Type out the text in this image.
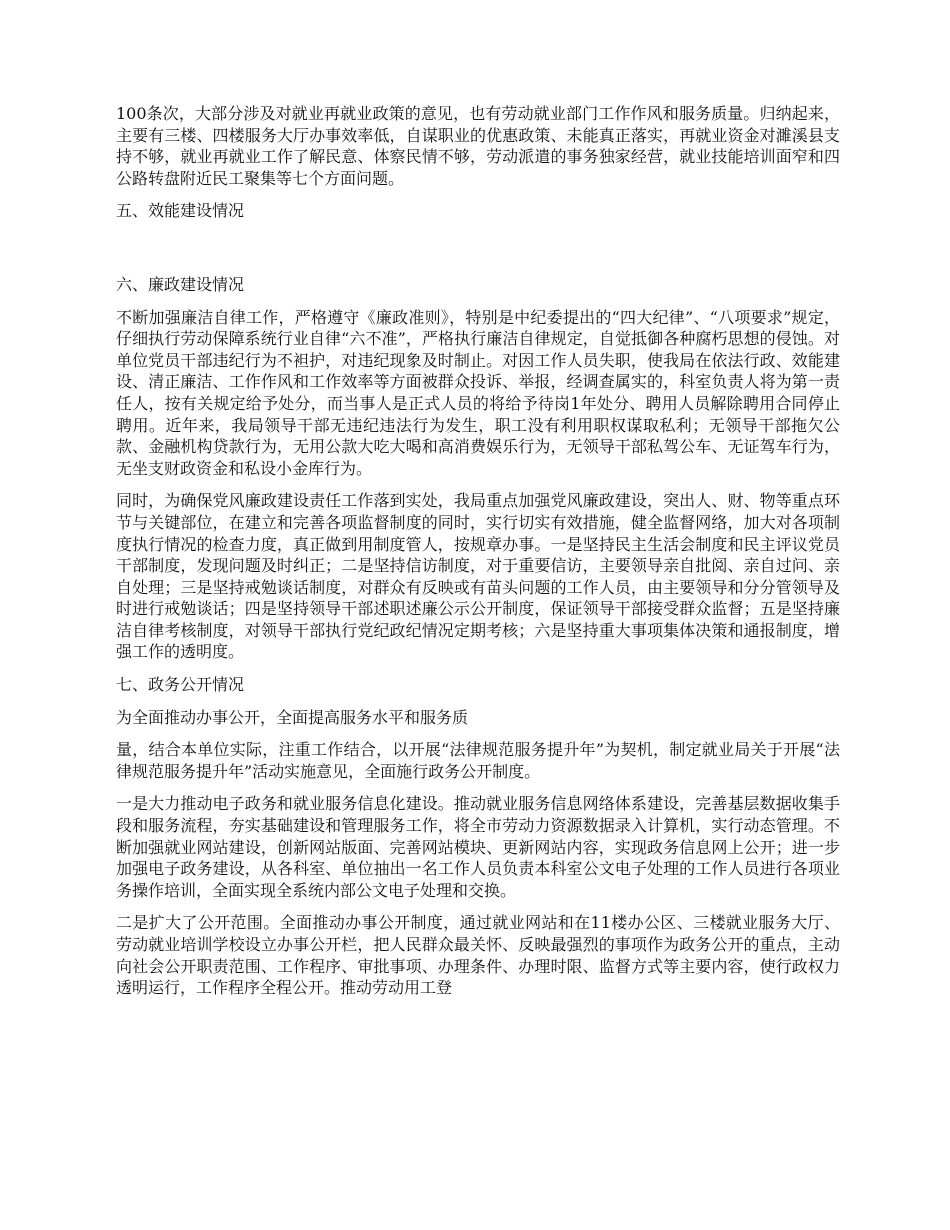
100条次，大部分涉及对就业再就业政策的意见，也有劳动就业部门工作作风和服务质量。归纳起来，主要有三楼、四楼服务大厅办事效率低，自谋职业的优惠政策、未能真正落实，再就业资金对濉溪县支持不够，就业再就业工作了解民意、体察民情不够，劳动派遣的事务独家经营，就业技能培训面窄和四公路转盘附近民工聚集等七个方面问题。

五、效能建设情况

六、廉政建设情况

不断加强廉洁自律工作，严格遵守《廉政准则》，特别是中纪委提出的“四大纪律”、“八项要求”规定，仔细执行劳动保障系统行业自律“六不准”，严格执行廉洁自律规定，自觉抵御各种腐朽思想的侵蚀。对单位党员干部违纪行为不袒护，对违纪现象及时制止。对因工作人员失职，使我局在依法行政、效能建设、清正廉洁、工作作风和工作效率等方面被群众投诉、举报，经调查属实的，科室负责人将为第一责任人，按有关规定给予处分，而当事人是正式人员的将给予待岗1年处分、聘用人员解除聘用合同停止聘用。近年来，我局领导干部无违纪违法行为发生，职工没有利用职权谋取私利；无领导干部拖欠公款、金融机构贷款行为，无用公款大吃大喝和高消费娱乐行为，无领导干部私驾公车、无证驾车行为，无坐支财政资金和私设小金库行为。

同时，为确保党风廉政建设责任工作落到实处，我局重点加强党风廉政建设，突出人、财、物等重点环节与关键部位，在建立和完善各项监督制度的同时，实行切实有效措施，健全监督网络，加大对各项制度执行情况的检查力度，真正做到用制度管人，按规章办事。一是坚持民主生活会制度和民主评议党员干部制度，发现问题及时纠正；二是坚持信访制度，对于重要信访，主要领导亲自批阅、亲自过问、亲自处理；三是坚持戒勉谈话制度，对群众有反映或有苗头问题的工作人员，由主要领导和分分管领导及时进行戒勉谈话；四是坚持领导干部述职述廉公示公开制度，保证领导干部接受群众监督；五是坚持廉洁自律考核制度，对领导干部执行党纪政纪情况定期考核；六是坚持重大事项集体决策和通报制度，增强工作的透明度。

七、政务公开情况

为全面推动办事公开，全面提高服务水平和服务质

量，结合本单位实际，注重工作结合，以开展“法律规范服务提升年”为契机，制定就业局关于开展“法律规范服务提升年”活动实施意见，全面施行政务公开制度。

一是大力推动电子政务和就业服务信息化建设。推动就业服务信息网络体系建设，完善基层数据收集手段和服务流程，夯实基础建设和管理服务工作，将全市劳动力资源数据录入计算机，实行动态管理。不断加强就业网站建设，创新网站版面、完善网站模块、更新网站内容，实现政务信息网上公开；进一步加强电子政务建设，从各科室、单位抽出一名工作人员负责本科室公文电子处理的工作人员进行各项业务操作培训，全面实现全系统内部公文电子处理和交换。

二是扩大了公开范围。全面推动办事公开制度，通过就业网站和在11楼办公区、三楼就业服务大厅、劳动就业培训学校设立办事公开栏，把人民群众最关怀、反映最强烈的事项作为政务公开的重点，主动向社会公开职责范围、工作程序、审批事项、办理条件、办理时限、监督方式等主要内容，使行政权力透明运行，工作程序全程公开。推动劳动用工登
